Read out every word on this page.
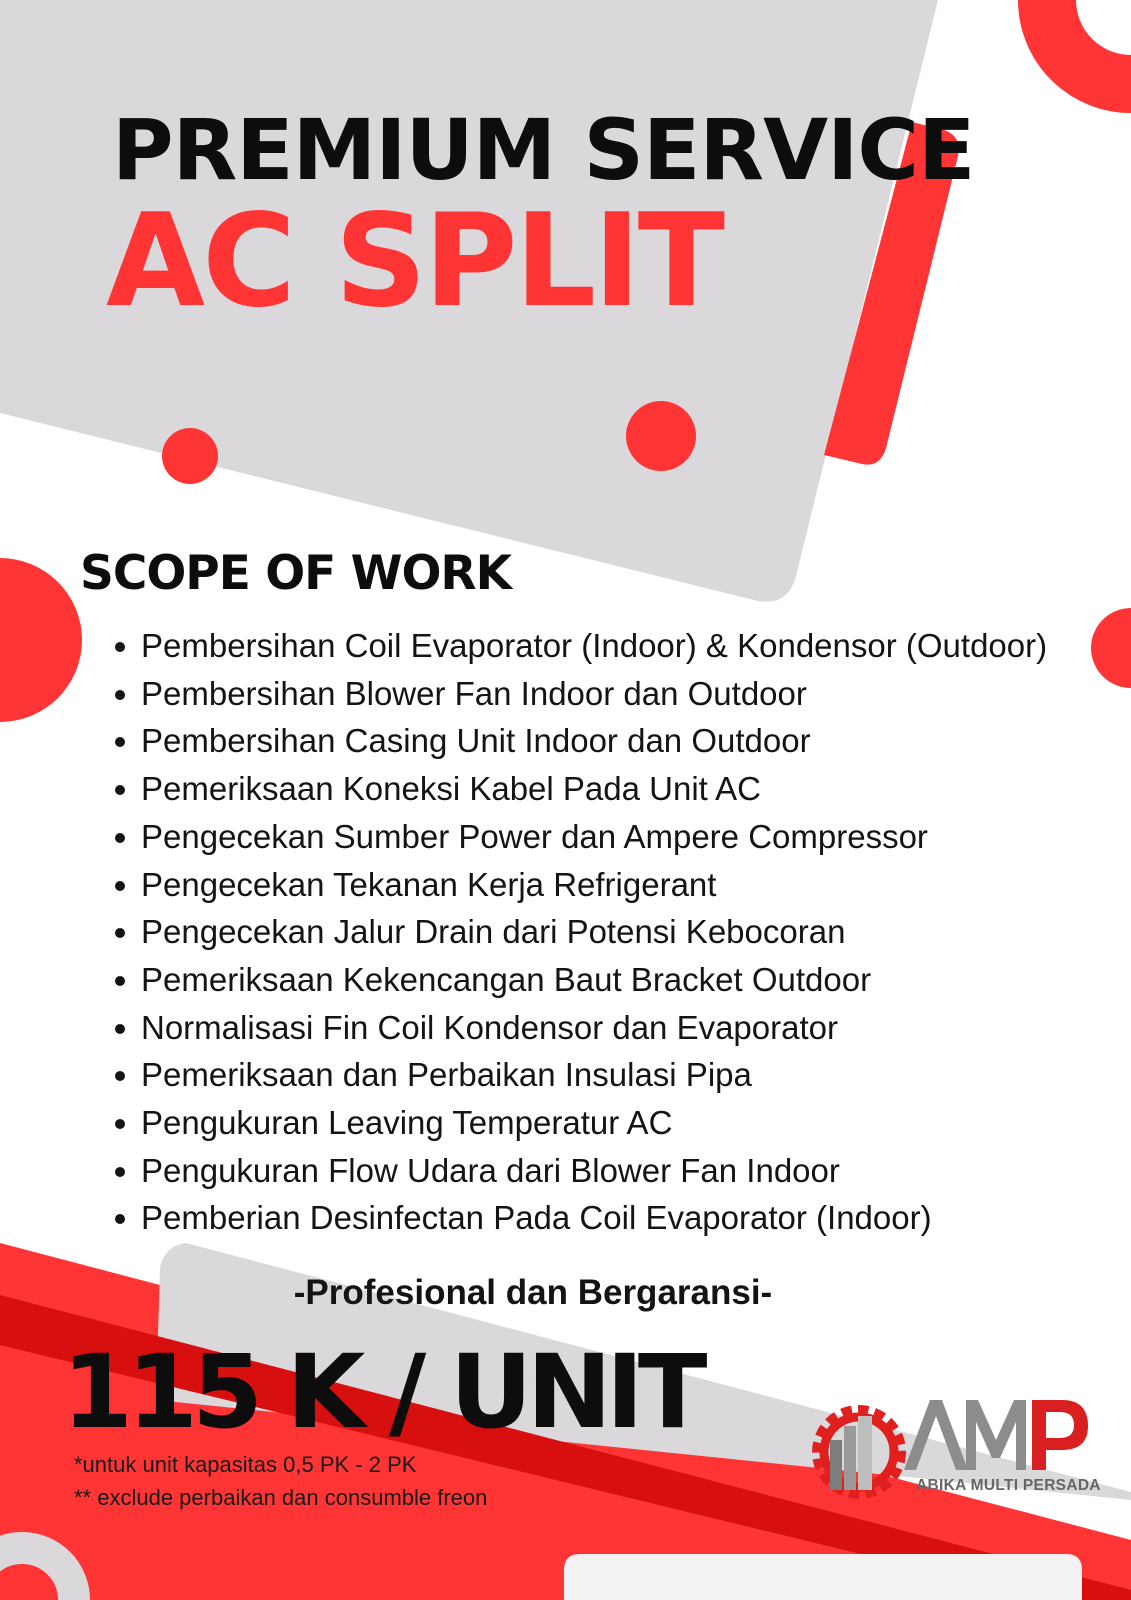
PREMIUM SERVICE
AC SPLIT
SCOPE OF WORK
Pembersihan Coil Evaporator (Indoor) & Kondensor (Outdoor)
Pembersihan Blower Fan Indoor dan Outdoor
Pembersihan Casing Unit Indoor dan Outdoor
Pemeriksaan Koneksi Kabel Pada Unit AC
Pengecekan Sumber Power dan Ampere Compressor
Pengecekan Tekanan Kerja Refrigerant
Pengecekan Jalur Drain dari Potensi Kebocoran
Pemeriksaan Kekencangan Baut Bracket Outdoor
Normalisasi Fin Coil Kondensor dan Evaporator
Pemeriksaan dan Perbaikan Insulasi Pipa
Pengukuran Leaving Temperatur AC
Pengukuran Flow Udara dari Blower Fan Indoor
Pemberian Desinfectan Pada Coil Evaporator (Indoor)

-Profesional dan Bergaransi-

115 K / UNIT

*untuk unit kapasitas 0,5 PK - 2 PK

** exclude perbaikan dan consumble freon	ABIKA MULTI PERSADA
